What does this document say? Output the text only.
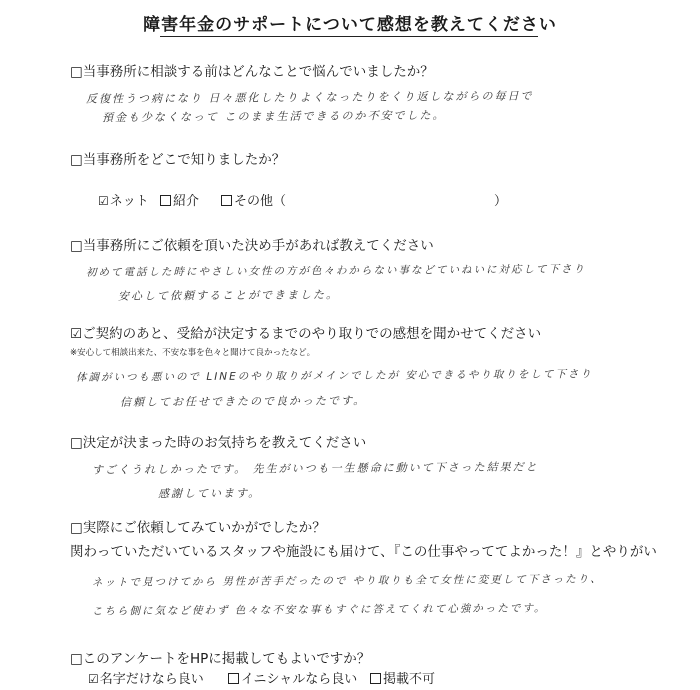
障害年金のサポートについて感想を教えてください
□当事務所に相談する前はどんなことで悩んでいましたか？
反復性うつ病になり 日々悪化したりよくなったりをくり返しながらの毎日で
預金も少なくなって このまま生活できるのか不安でした。
□当事務所をどこで知りましたか？
☑ネット	紹介	その他（	）
□当事務所にご依頼を頂いた決め手があれば教えてください
初めて電話した時にやさしい女性の方が色々わからない事などていねいに対応して下さり
安心して依頼することができました。
☑ご契約のあと、受給が決定するまでのやり取りでの感想を聞かせてください
※安心して相談出来た、不安な事を色々と聞けて良かったなど。
体調がいつも悪いので LINEのやり取りがメインでしたが 安心できるやり取りをして下さり
信頼してお任せできたので良かったです。
□決定が決まった時のお気持ちを教えてください
すごくうれしかったです。 先生がいつも一生懸命に動いて下さった結果だと
感謝しています。
□実際にご依頼してみていかがでしたか？
関わっていただいているスタッフや施設にも届けて、『この仕事やっててよかった！』とやりがい
ネットで見つけてから 男性が苦手だったので やり取りも全て女性に変更して下さったり、
こちら側に気など使わず 色々な不安な事もすぐに答えてくれて心強かったです。
□このアンケートをHPに掲載してもよいですか？
☑名字だけなら良い	イニシャルなら良い	掲載不可
